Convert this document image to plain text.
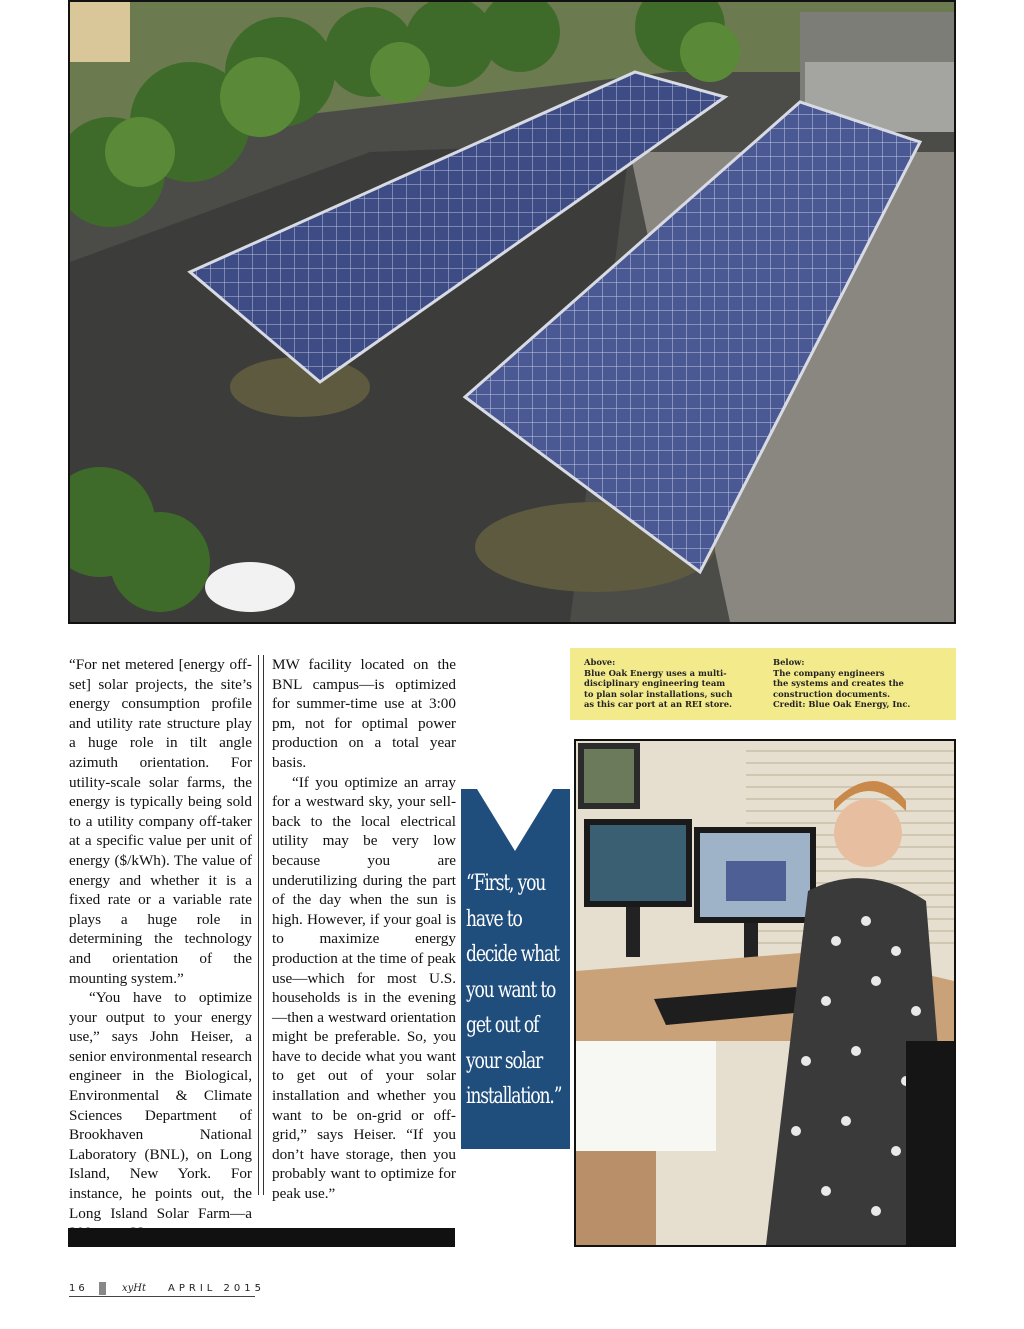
“For net metered [energy off-set] solar projects, the site’s energy consumption profile and utility rate structure play a huge role in tilt angle azimuth orientation. For utility-scale solar farms, the energy is typically being sold to a utility company off-taker at a specific value per unit of energy ($/kWh). The value of energy and whether it is a fixed rate or a variable rate plays a huge role in determining the technology and orientation of the mounting system.”

“You have to optimize your output to your energy use,” says John Heiser, a senior environmental research engineer in the Biological, Environmental & Climate Sciences Department of Brookhaven National Laboratory (BNL), on Long Island, New York. For instance, he points out, the Long Island Solar Farm—a

MW facility located on the BNL campus—is optimized for summer-time use at 3:00 pm, not for optimal power production on a total year basis.

“If you optimize an array for a westward sky, your sell-back to the local electrical utility may be very low because you are underutilizing during the part of the day when the sun is high. However, if your goal is to maximize energy production at the time of peak use—which for most U.S. households is in the evening—then a westward orientation might be preferable. So, you have to decide what you want to get out of your solar installation and whether you want to be on-grid or off-grid,” says Heiser. “If you don’t have storage, then you probably want to optimize for peak use.”

“First, you
have to
decide what
you want to
get out of
your solar
installation.”
Above:
Blue Oak Energy uses a multi-
disciplinary engineering team
to plan solar installations, such
as this car port at an REI store.
Below:
The company engineers
the systems and creates the
construction documents.
Credit: Blue Oak Energy, Inc.
16	xyHt APRIL 2015
